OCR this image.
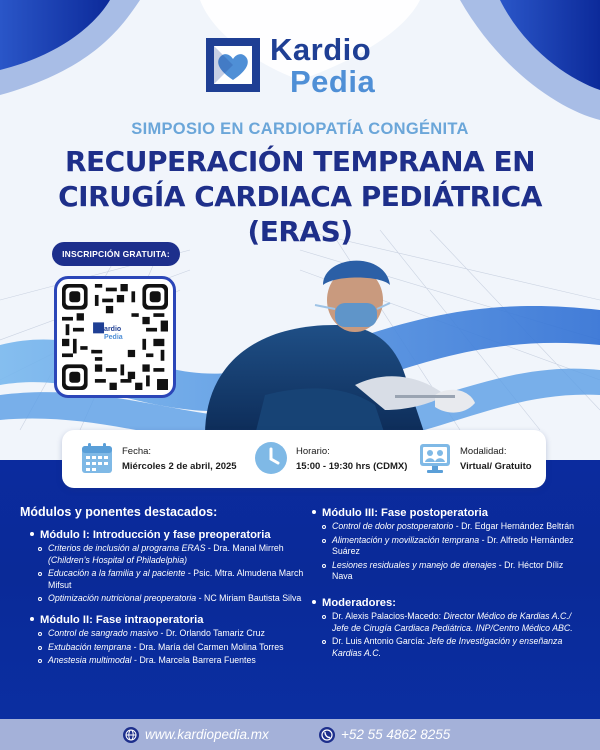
Kardio
Pedia
SIMPOSIO EN CARDIOPATÍA CONGÉNITA
RECUPERACIÓN TEMPRANA EN
CIRUGÍA CARDIACA PEDIÁTRICA
(ERAS)
INSCRIPCIÓN GRATUITA:
Kardio
Pedia
Fecha:
Miércoles 2 de abril, 2025
Horario:
15:00 - 19:30 hrs (CDMX)
Modalidad:
Virtual/ Gratuito
Módulos y ponentes destacados:
Módulo I: Introducción y fase preoperatoria
Criterios de inclusión al programa ERAS - Dra. Manal Mirreh (Children's Hospital of Philadelphia)
Educación a la familia y al paciente - Psic. Mtra. Almudena March Mifsut
Optimización nutricional preoperatoria - NC Miriam Bautista Silva
Módulo II: Fase intraoperatoria
Control de sangrado masivo - Dr. Orlando Tamariz Cruz
Extubación temprana - Dra. María del Carmen Molina Torres
Anestesia multimodal - Dra. Marcela Barrera Fuentes
Módulo III: Fase postoperatoria
Control de dolor postoperatorio - Dr. Edgar Hernández Beltrán
Alimentación y movilización temprana - Dr. Alfredo Hernández Suárez
Lesiones residuales y manejo de drenajes - Dr. Héctor Díliz Nava
Moderadores:
Dr. Alexis Palacios-Macedo: Director Médico de Kardias A.C./ Jefe de Cirugía Cardiaca Pediátrica. INP/Centro Médico ABC.
Dr. Luis Antonio García: Jefe de Investigación y enseñanza Kardias A.C.
www.kardiopedia.mx	+52 55 4862 8255
